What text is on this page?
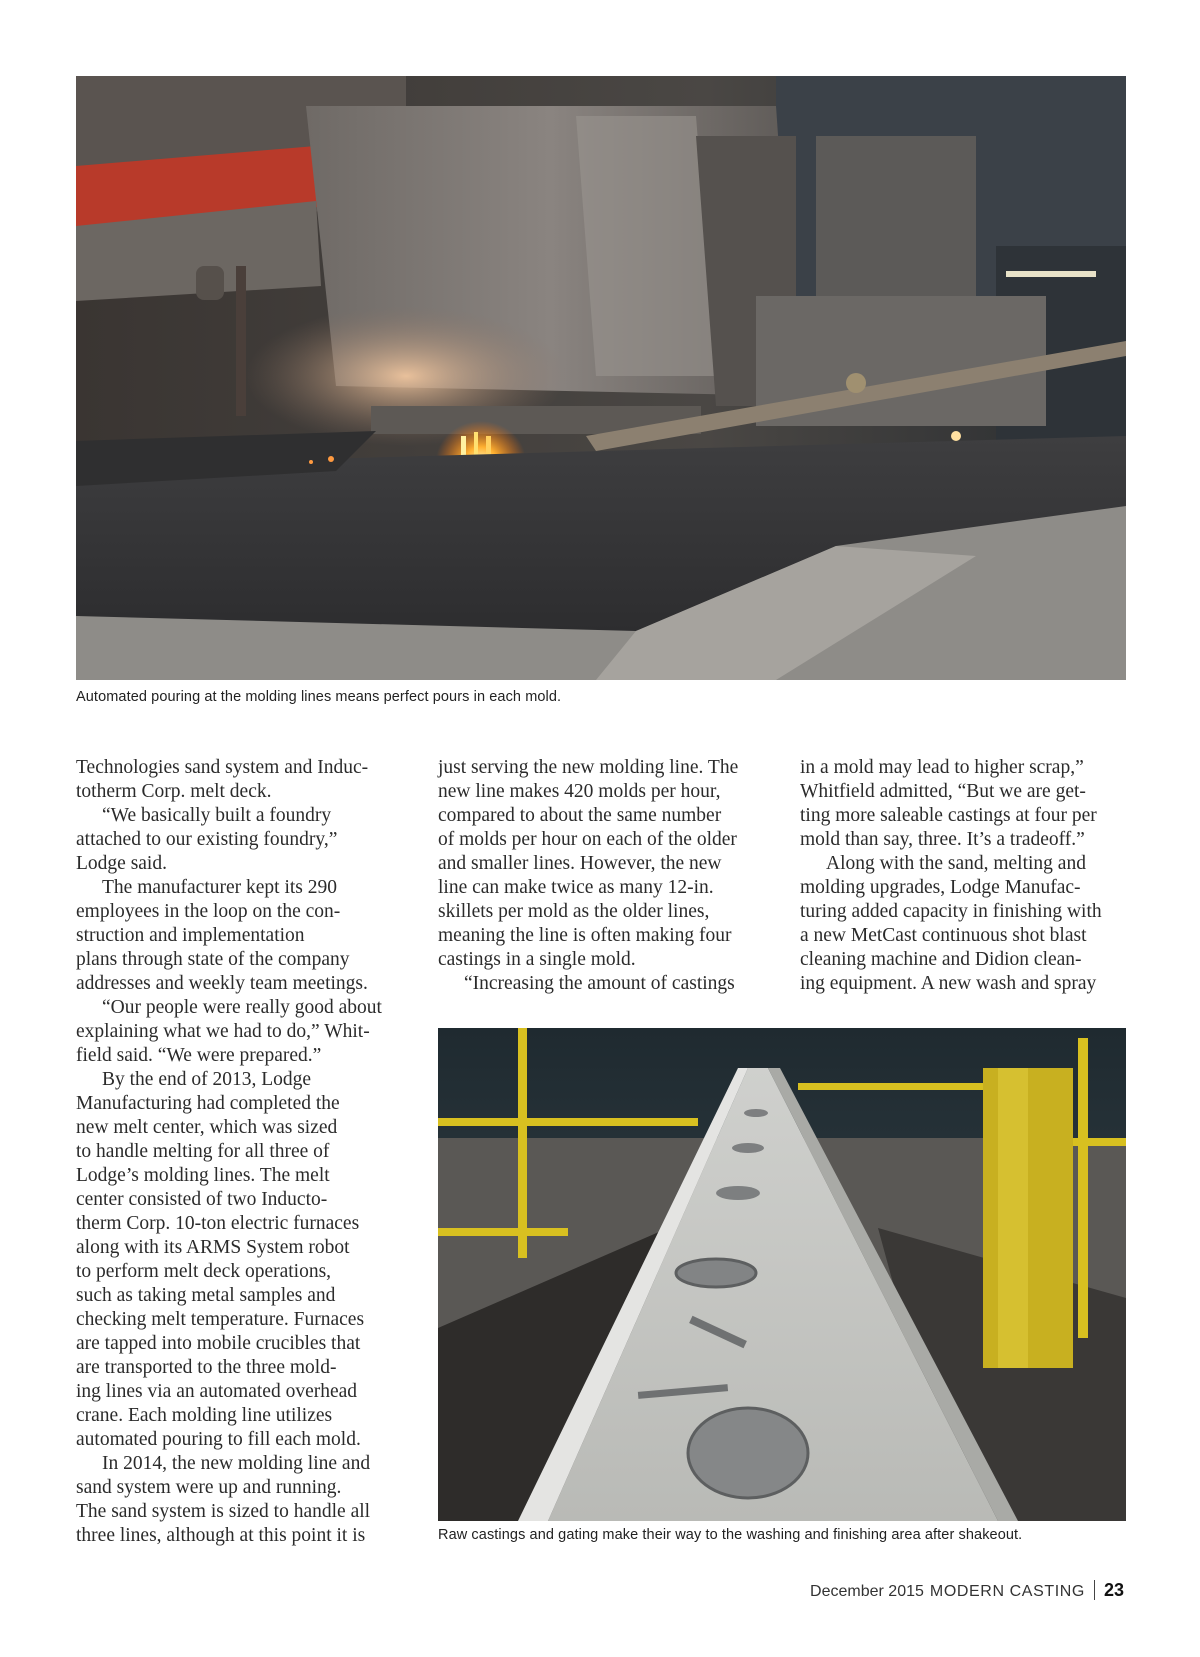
Automated pouring at the molding lines means perfect pours in each mold.
Technologies sand system and Induc-
totherm Corp. melt deck.
“We basically built a foundry
attached to our existing foundry,”
Lodge said.
The manufacturer kept its 290
employees in the loop on the con-
struction and implementation
plans through state of the company
addresses and weekly team meetings.
“Our people were really good about
explaining what we had to do,” Whit-
field said. “We were prepared.”
By the end of 2013, Lodge
Manufacturing had completed the
new melt center, which was sized
to handle melting for all three of
Lodge’s molding lines. The melt
center consisted of two Inducto-
therm Corp. 10-ton electric furnaces
along with its ARMS System robot
to perform melt deck operations,
such as taking metal samples and
checking melt temperature. Furnaces
are tapped into mobile crucibles that
are transported to the three mold-
ing lines via an automated overhead
crane. Each molding line utilizes
automated pouring to fill each mold.
In 2014, the new molding line and
sand system were up and running.
The sand system is sized to handle all
three lines, although at this point it is
just serving the new molding line. The
new line makes 420 molds per hour,
compared to about the same number
of molds per hour on each of the older
and smaller lines. However, the new
line can make twice as many 12-in.
skillets per mold as the older lines,
meaning the line is often making four
castings in a single mold.
“Increasing the amount of castings
in a mold may lead to higher scrap,”
Whitfield admitted, “But we are get-
ting more saleable castings at four per
mold than say, three. It’s a tradeoff.”
Along with the sand, melting and
molding upgrades, Lodge Manufac-
turing added capacity in finishing with
a new MetCast continuous shot blast
cleaning machine and Didion clean-
ing equipment. A new wash and spray
Raw castings and gating make their way to the washing and finishing area after shakeout.
December 2015 MODERN CASTING 23
